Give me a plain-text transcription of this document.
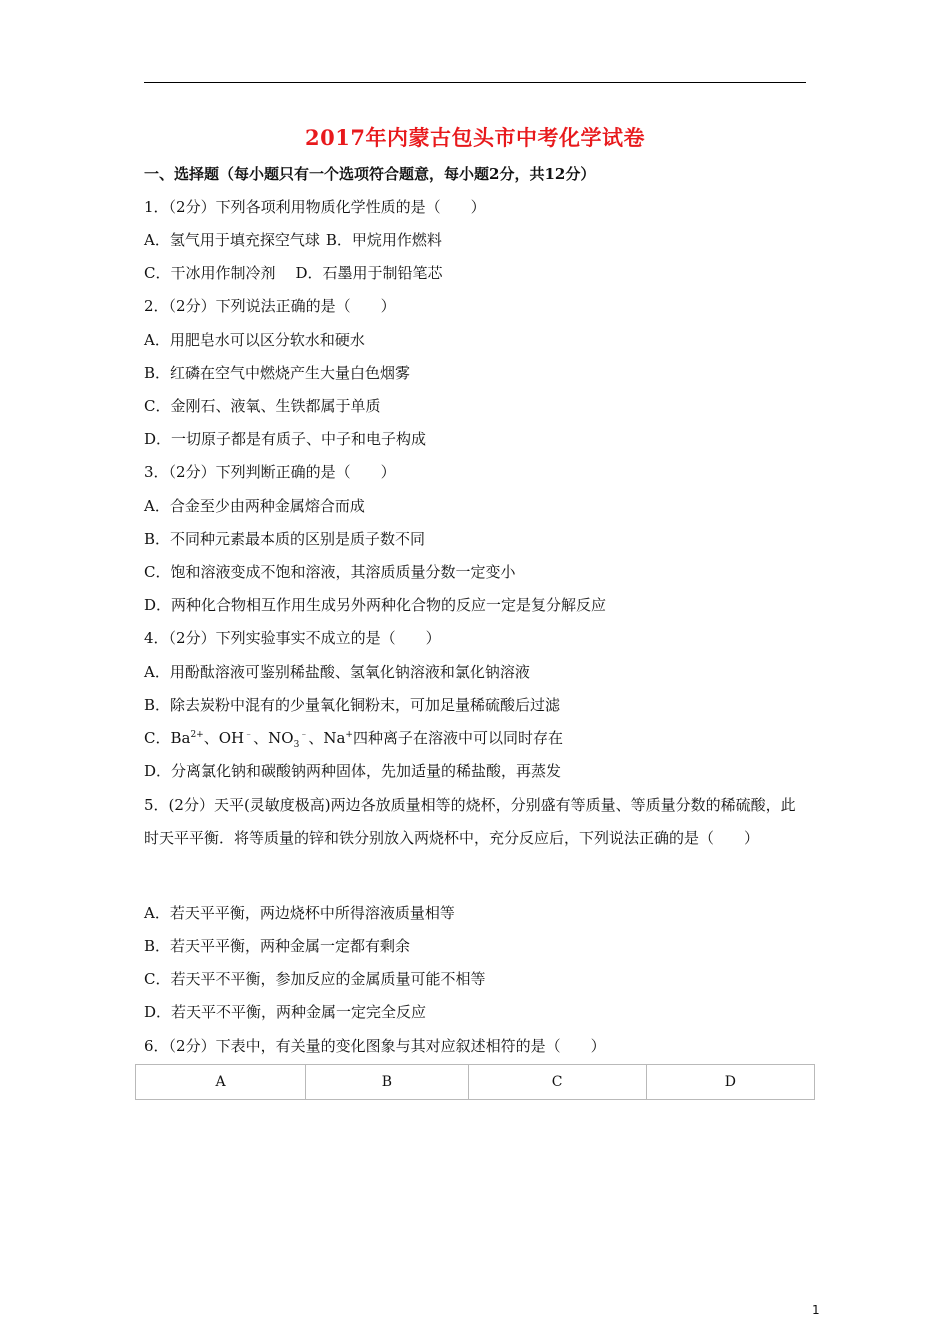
2017年内蒙古包头市中考化学试卷
一、选择题（每小题只有一个选项符合题意，每小题2分，共12分）
1．（2分）下列各项利用物质化学性质的是（　　）
A．氢气用于填充探空气球 B．甲烷用作燃料
C．干冰用作制冷剂 D．石墨用于制铅笔芯
2．（2分）下列说法正确的是（　　）
A．用肥皂水可以区分软水和硬水
B．红磷在空气中燃烧产生大量白色烟雾
C．金刚石、液氧、生铁都属于单质
D．一切原子都是有质子、中子和电子构成
3．（2分）下列判断正确的是（　　）
A．合金至少由两种金属熔合而成
B．不同种元素最本质的区别是质子数不同
C．饱和溶液变成不饱和溶液，其溶质质量分数一定变小
D．两种化合物相互作用生成另外两种化合物的反应一定是复分解反应
4．（2分）下列实验事实不成立的是（　　）
A．用酚酞溶液可鉴别稀盐酸、氢氧化钠溶液和氯化钠溶液
B．除去炭粉中混有的少量氧化铜粉末，可加足量稀硫酸后过滤
C．$Ba^{2+}$、OH﹣、$NO_3^﹣$、Na+四种离子在溶液中可以同时存在
D．分离氯化钠和碳酸钠两种固体，先加适量的稀盐酸，再蒸发
5．(2分）天平(灵敏度极高)两边各放质量相等的烧杯，分别盛有等质量、等质量分数的稀硫酸，此时天平平衡．将等质量的锌和铁分别放入两烧杯中，充分反应后，下列说法正确的是（　　）
A．若天平平衡，两边烧杯中所得溶液质量相等
B．若天平平衡，两种金属一定都有剩余
C．若天平不平衡，参加反应的金属质量可能不相等
D．若天平不平衡，两种金属一定完全反应
6．（2分）下表中，有关量的变化图象与其对应叙述相符的是（　　）
A	B	C	D
1
